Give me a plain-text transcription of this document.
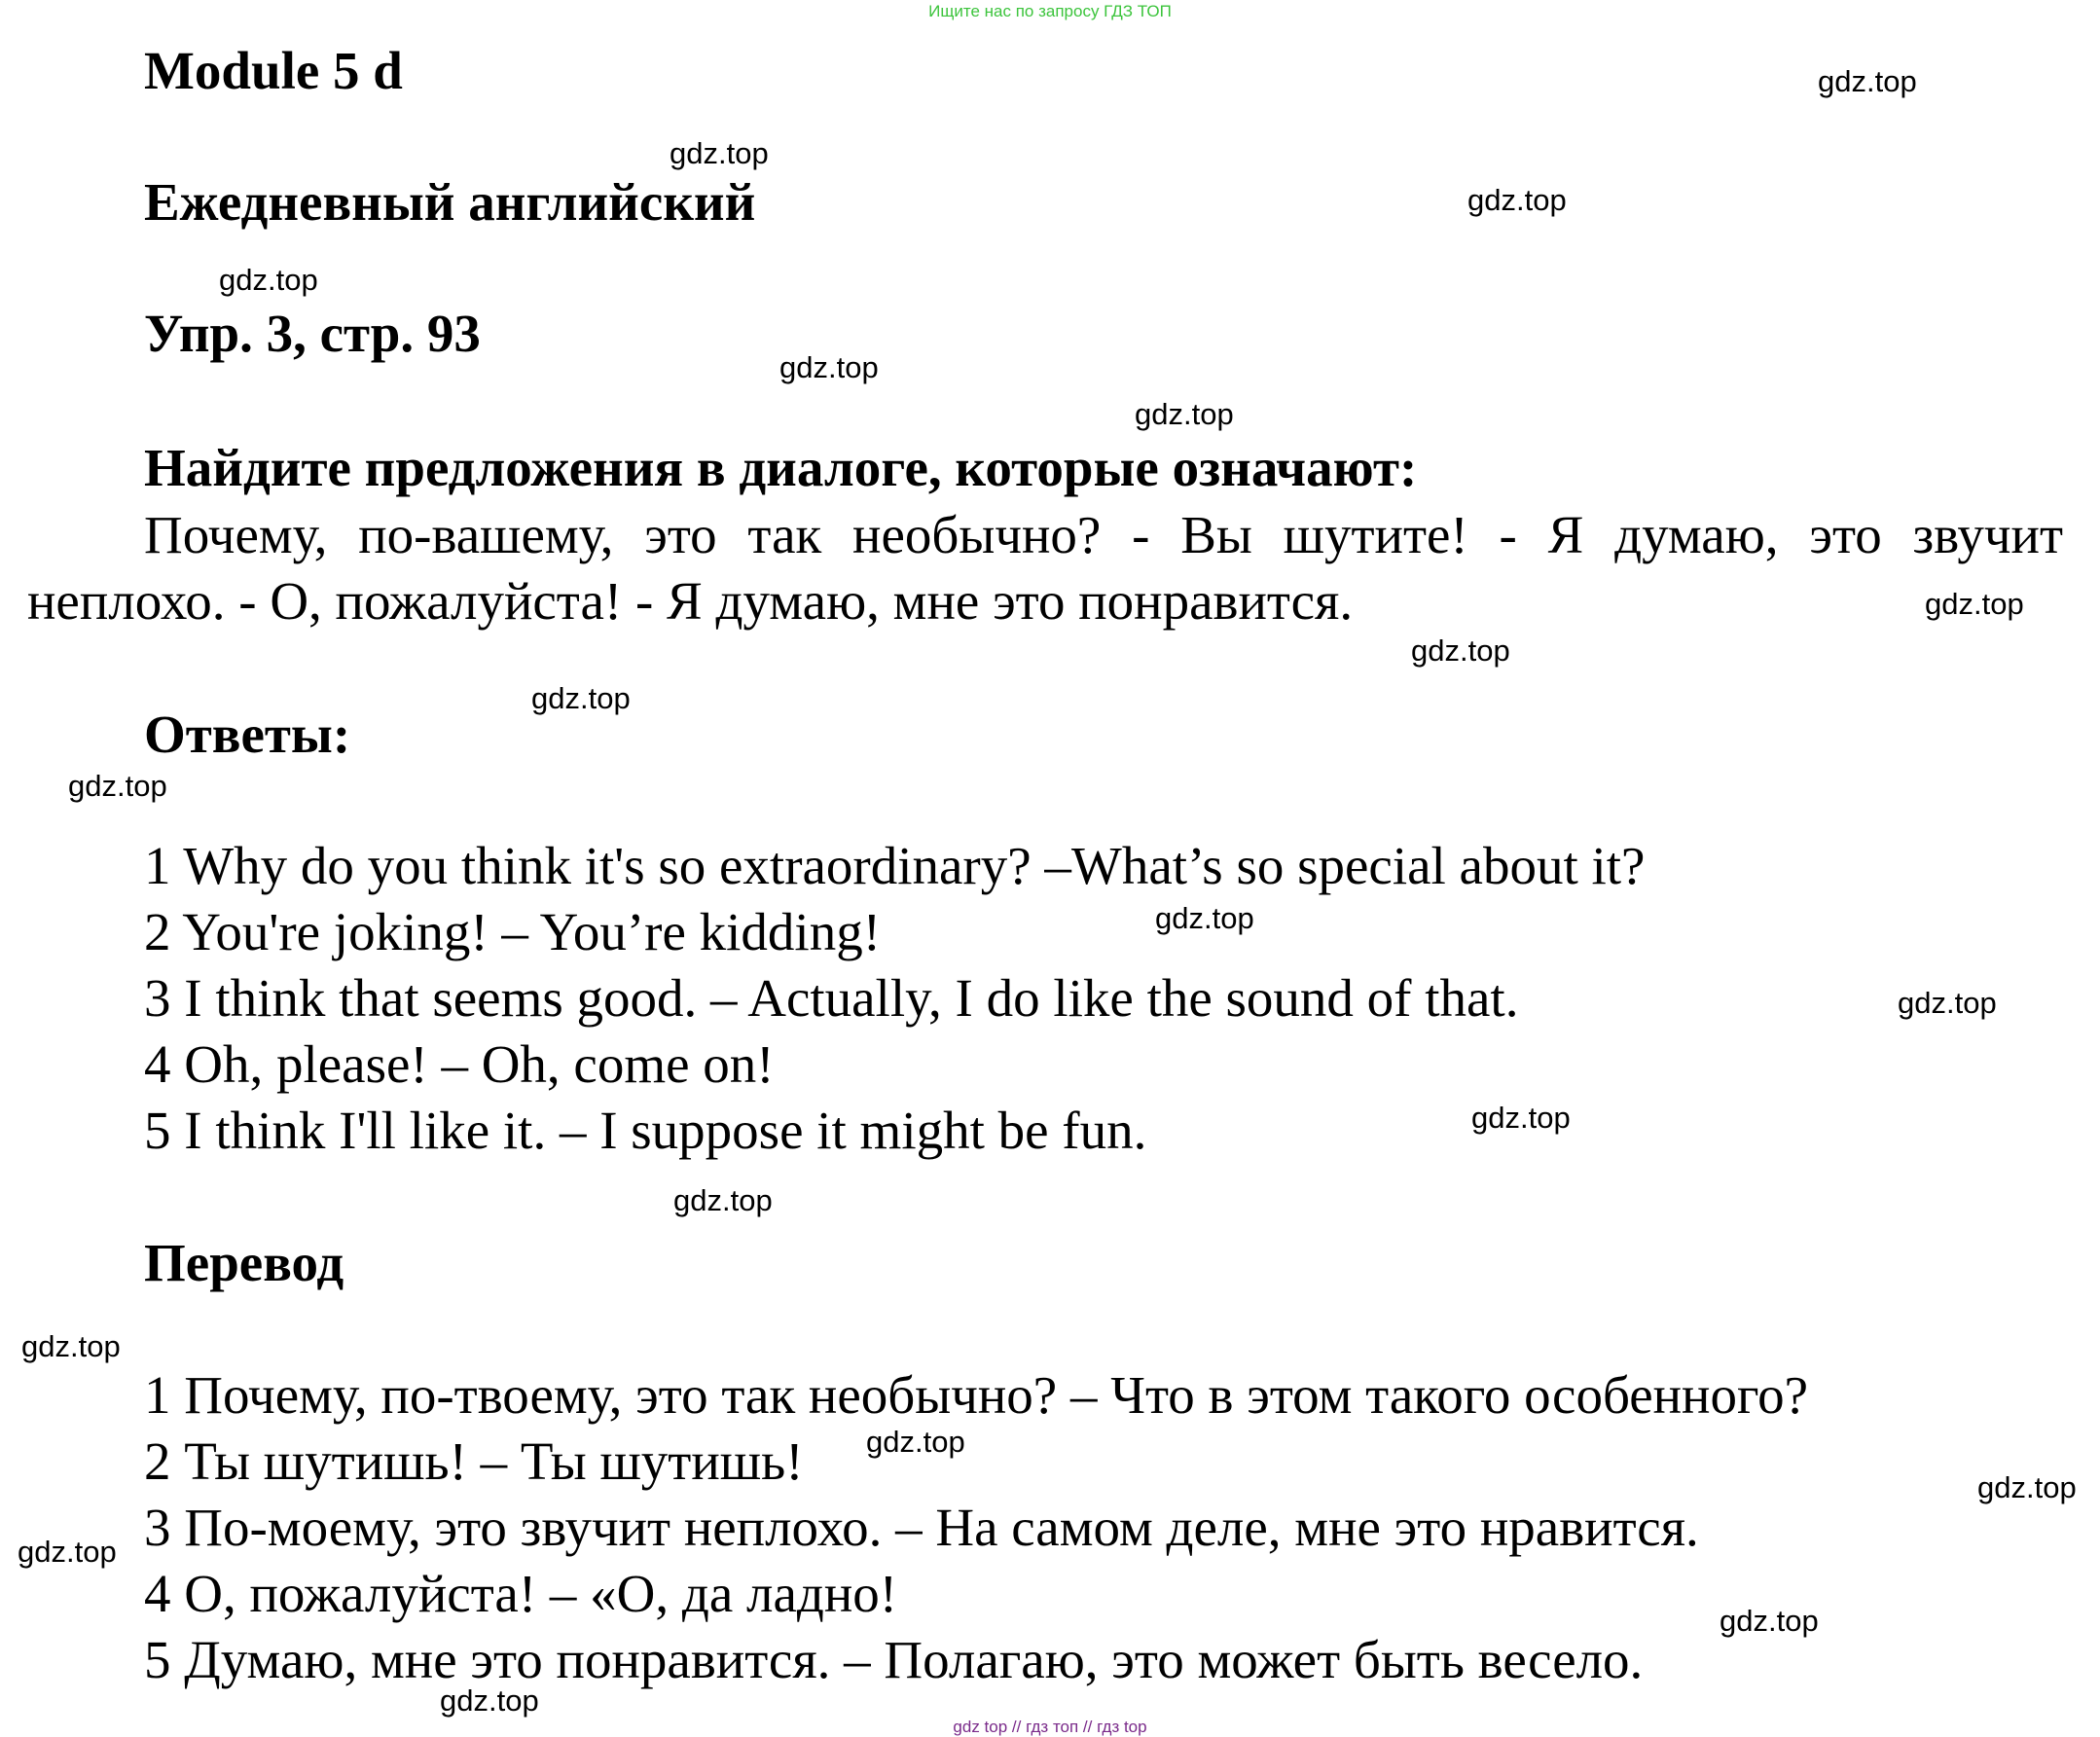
Ищите нас по запросу ГДЗ ТОП
Module 5 d
Ежедневный английский
Упр. 3, стр. 93
Найдите предложения в диалоге, которые означают:
Почему, по-вашему, это так необычно? - Вы шутите! - Я думаю, это звучит
неплохо. - О, пожалуйста! - Я думаю, мне это понравится.
Ответы:
1 Why do you think it's so extraordinary? –What’s so special about it?
2 You're joking! – You’re kidding!
3 I think that seems good. – Actually, I do like the sound of that.
4 Oh, please! – Oh, come on!
5 I think I'll like it. – I suppose it might be fun.
Перевод
1 Почему, по-твоему, это так необычно? – Что в этом такого особенного?
2 Ты шутишь! – Ты шутишь!
3 По-моему, это звучит неплохо. – На самом деле, мне это нравится.
4 О, пожалуйста! – «О, да ладно!
5 Думаю, мне это понравится. – Полагаю, это может быть весело.
gdz.top
gdz.top
gdz.top
gdz.top
gdz.top
gdz.top
gdz.top
gdz.top
gdz.top
gdz.top
gdz.top
gdz.top
gdz.top
gdz.top
gdz.top
gdz.top
gdz.top
gdz.top
gdz.top
gdz.top
gdz top // гдз топ // гдз top
